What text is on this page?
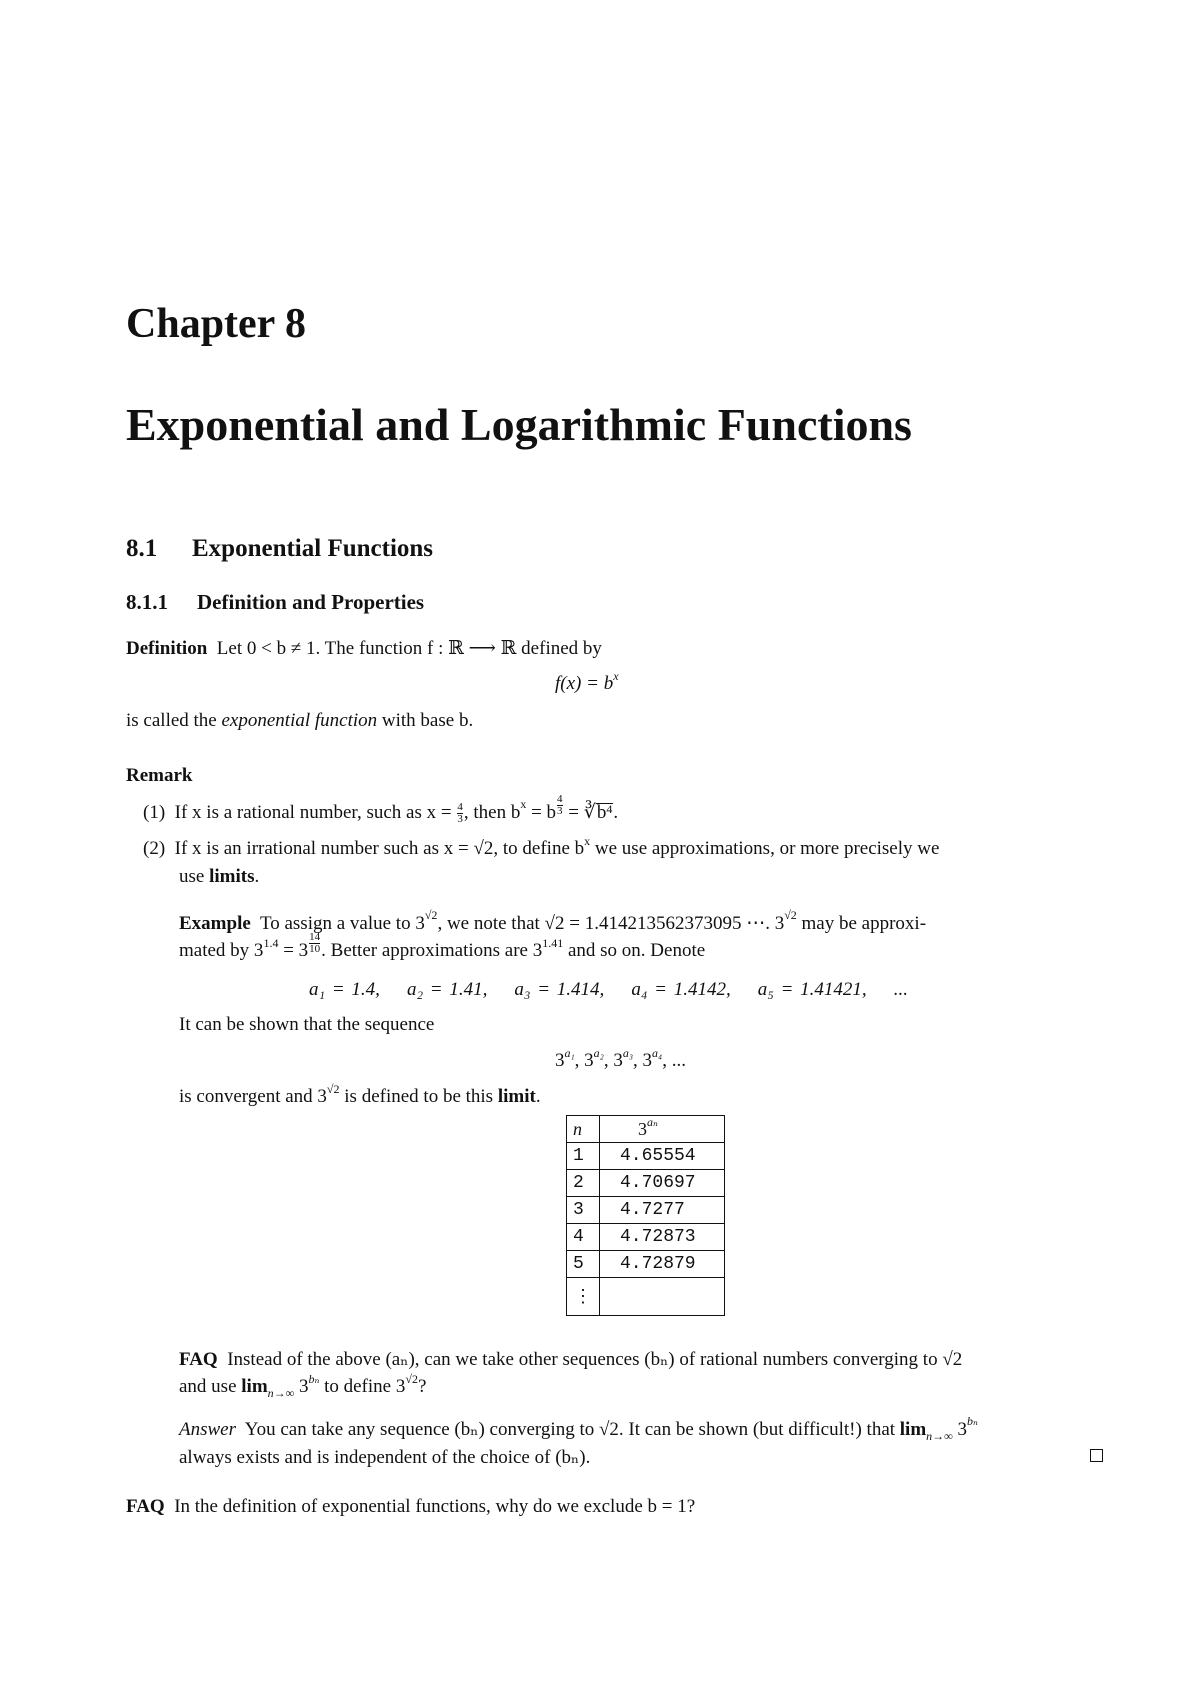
Chapter 8
Exponential and Logarithmic Functions
8.1 Exponential Functions
8.1.1 Definition and Properties
Definition Let 0 < b ≠ 1. The function f : ℝ ⟶ ℝ defined by
$f(x) = b^x$
is called the exponential function with base b.
Remark
(1) If x is a rational number, such as $x = \frac{4}{3}$ , then $b^x = b \frac{4}{3}$ = $∛b^4$.
(2) If x is an irrational number such as x = √2, to define $b^x$ we use approximations, or more precisely we
use limits.
Example To assign a value to $3^{√2}$, we note that √2 = 1.414213562373095 ⋯. $3^{√2}$ may be approxi-
mated by $3^{1.4} = 3 \frac{14}{10}$ . Better approximations are $3^{1.41}$ and so on. Denote
a₁ = 1.4, a₂ = 1.41, a₃ = 1.414, a₄ = 1.4142, a₅ = 1.41421, ...
It can be shown that the sequence
$3^{a_1}$, $3^{a_2}$, $3^{a_3}$, $3^{a_4}$, ...
is convergent and $3^{√2}$ is defined to be this limit.
n	$3^{a_n}$
1	4.65554
2	4.70697
3	4.7277
4	4.72873
5	4.72879
⋮	
FAQ Instead of the above (aₙ), can we take other sequences (bₙ) of rational numbers converging to √2
and use $\lim_{n\to\infty} 3^{b_n}$ to define $3^{√2}$?
Answer You can take any sequence (bₙ) converging to √2. It can be shown (but difficult!) that $\lim_{n\to\infty} 3^{b_n}$
always exists and is independent of the choice of (bₙ).
FAQ In the definition of exponential functions, why do we exclude b = 1?
